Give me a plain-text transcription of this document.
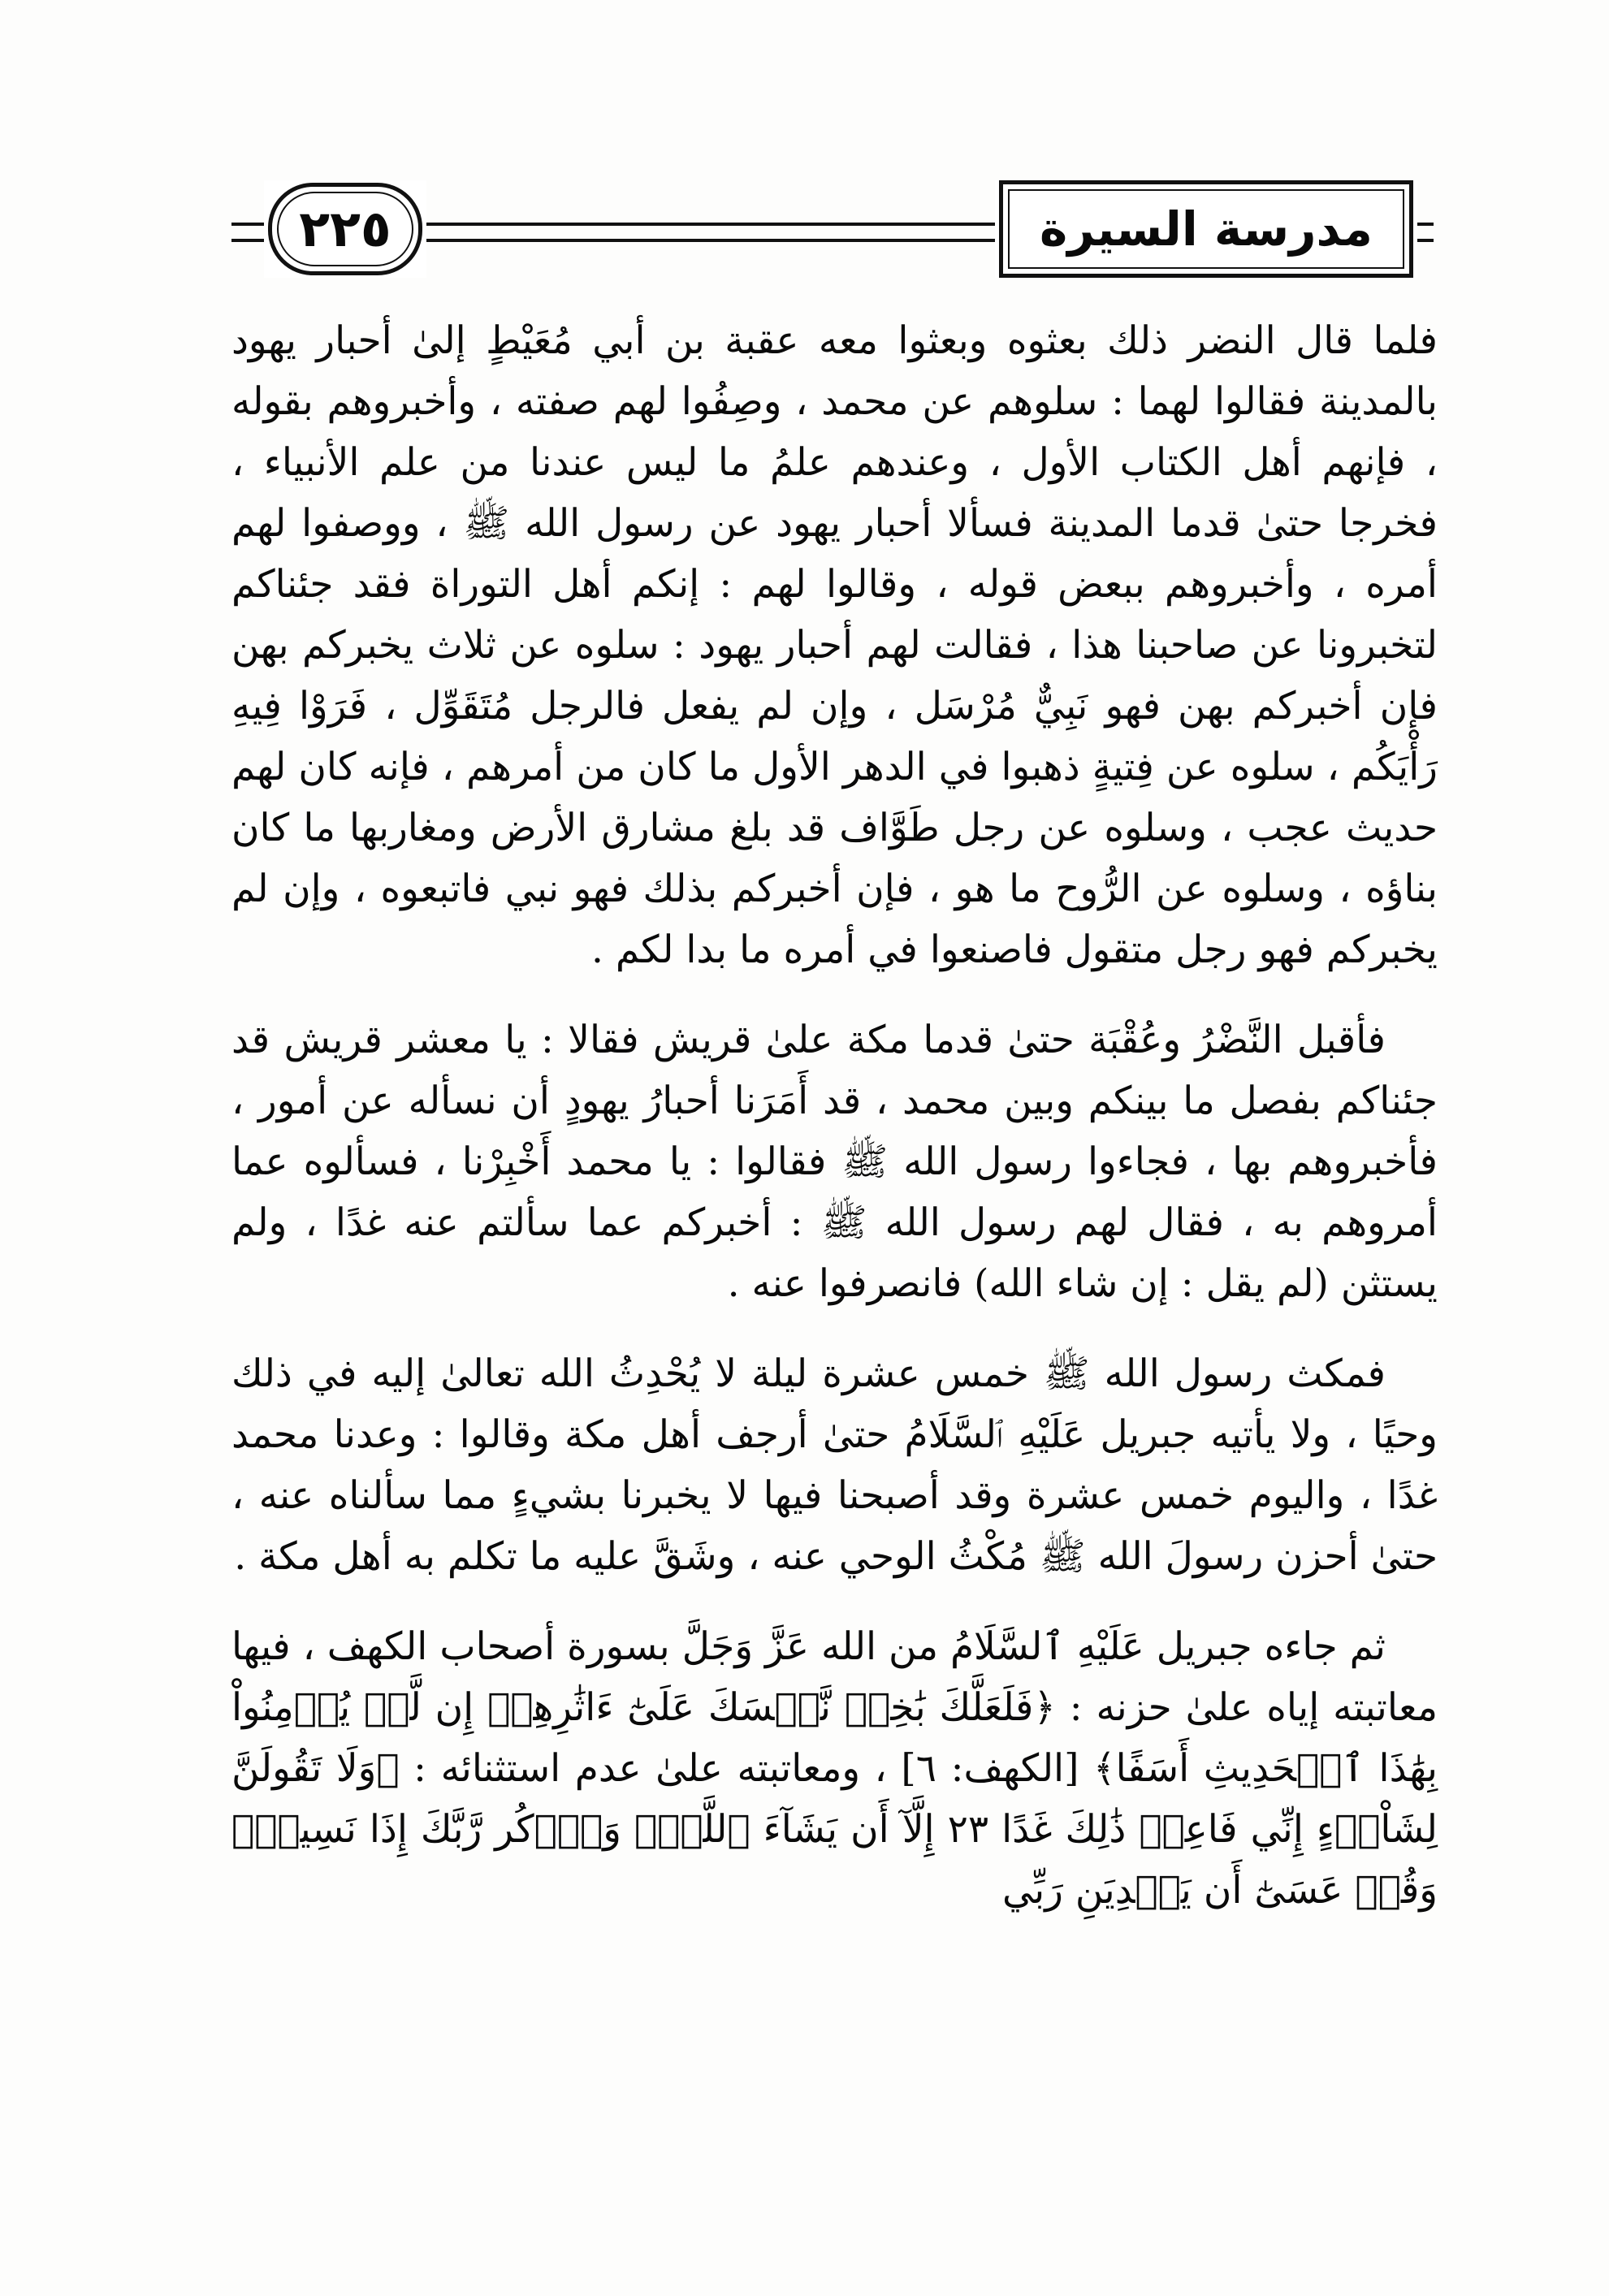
٢٢٥	مدرسة السيرة

فلما قال النضر ذلك بعثوه وبعثوا معه عقبة بن أبي مُعَيْطٍ إلىٰ أحبار يهود بالمدينة فقالوا لهما : سلوهم عن محمد ، وصِفُوا لهم صفته ، وأخبروهم بقوله ، فإنهم أهل الكتاب الأول ، وعندهم علمُ ما ليس عندنا من علم الأنبياء ، فخرجا حتىٰ قدما المدينة فسألا أحبار يهود عن رسول الله ﷺ ، ووصفوا لهم أمره ، وأخبروهم ببعض قوله ، وقالوا لهم : إنكم أهل التوراة فقد جئناكم لتخبرونا عن صاحبنا هذا ، فقالت لهم أحبار يهود : سلوه عن ثلاث يخبركم بهن فإن أخبركم بهن فهو نَبِيٌّ مُرْسَل ، وإن لم يفعل فالرجل مُتَقَوِّل ، فَرَوْا فِيهِ رَأْيَكُم ، سلوه عن فِتيةٍ ذهبوا في الدهر الأول ما كان من أمرهم ، فإنه كان لهم حديث عجب ، وسلوه عن رجل طَوَّاف قد بلغ مشارق الأرض ومغاربها ما كان بناؤه ، وسلوه عن الرُّوح ما هو ، فإن أخبركم بذلك فهو نبي فاتبعوه ، وإن لم يخبركم فهو رجل متقول فاصنعوا في أمره ما بدا لكم .

فأقبل النَّضْرُ وعُقْبَة حتىٰ قدما مكة علىٰ قريش فقالا : يا معشر قريش قد جئناكم بفصل ما بينكم وبين محمد ، قد أَمَرَنا أحبارُ يهودٍ أن نسأله عن أمور ، فأخبروهم بها ، فجاءوا رسول الله ﷺ فقالوا : يا محمد أَخْبِرْنا ، فسألوه عما أمروهم به ، فقال لهم رسول الله ﷺ : أخبركم عما سألتم عنه غدًا ، ولم يستثن (لم يقل : إن شاء الله) فانصرفوا عنه .

فمكث رسول الله ﷺ خمس عشرة ليلة لا يُحْدِثُ الله تعالىٰ إليه في ذلك وحيًا ، ولا يأتيه جبريل عَلَيْهِ ٱلسَّلَامُ حتىٰ أرجف أهل مكة وقالوا : وعدنا محمد غدًا ، واليوم خمس عشرة وقد أصبحنا فيها لا يخبرنا بشيءٍ مما سألناه عنه ، حتىٰ أحزن رسولَ الله ﷺ مُكْثُ الوحي عنه ، وشَقَّ عليه ما تكلم به أهل مكة .

ثم جاءه جبريل عَلَيْهِ ٱلسَّلَامُ من الله عَزَّ وَجَلَّ بسورة أصحاب الكهف ، فيها معاتبته إياه علىٰ حزنه : ﴿فَلَعَلَّكَ بَٰخِعٞ نَّفۡسَكَ عَلَىٰٓ ءَاثَٰرِهِمۡ إِن لَّمۡ يُؤۡمِنُواْ بِهَٰذَا ٱلۡحَدِيثِ أَسَفًا﴾ [الكهف: ٦] ، ومعاتبته علىٰ عدم استثنائه : ﴿وَلَا تَقُولَنَّ لِشَاْيۡءٍ إِنِّي فَاعِلٞ ذَٰلِكَ غَدًا ٢٣ إِلَّآ أَن يَشَآءَ ٱللَّهُۚ وَٱذۡكُر رَّبَّكَ إِذَا نَسِيتَۚ وَقُلۡ عَسَىٰٓ أَن يَهۡدِيَنِ رَبِّي
